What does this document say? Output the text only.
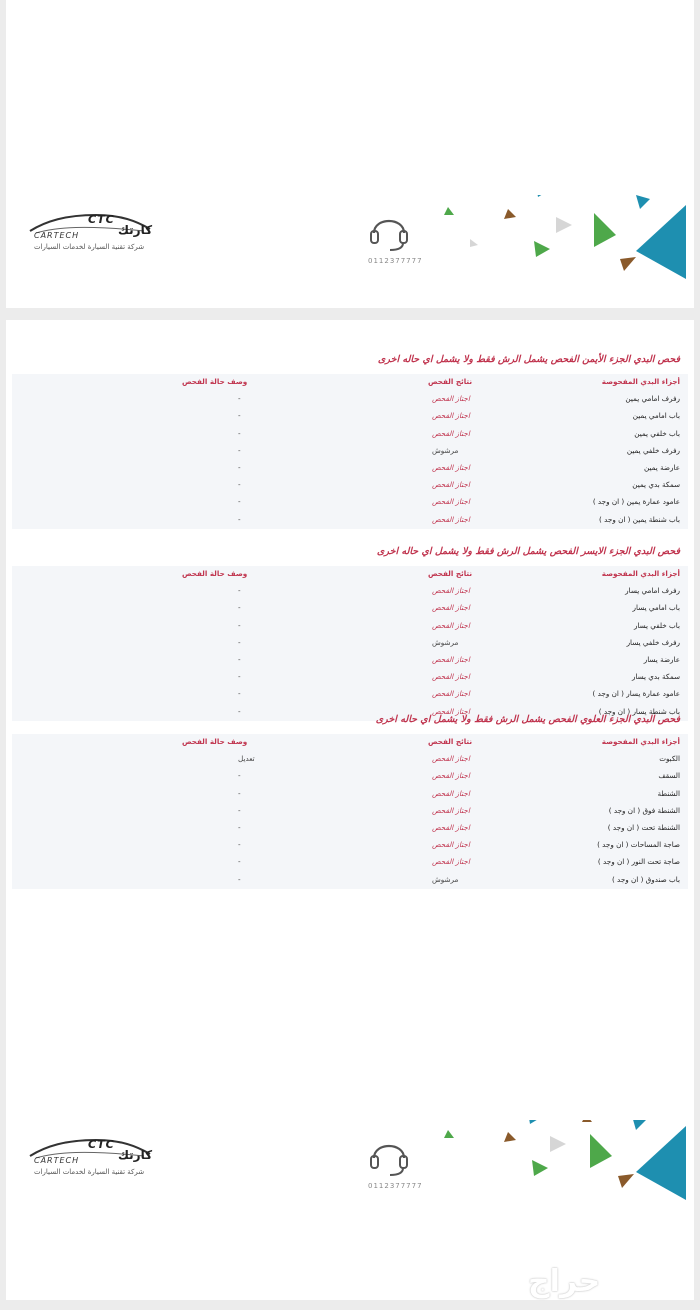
CTC
كارتك
CARTECH
شركة تقنية السيارة لخدمات السيارات
0112377777
فحص البدي الجزء الأيمن الفحص يشمل الرش فقط ولا يشمل اي حاله اخرى
أجزاء البدي المفحوصة
نتائج الفحص
وصف حالة الفحص
رفرف امامي يمين
اجتاز الفحص
-
باب امامي يمين
اجتاز الفحص
-
باب خلفي يمين
اجتاز الفحص
-
رفرف خلفي يمين
مرشوش
-
عارضة يمين
اجتاز الفحص
-
سمكة بدي يمين
اجتاز الفحص
-
عامود عمارة يمين ( ان وجد )
اجتاز الفحص
-
باب شنطة يمين ( ان وجد )
اجتاز الفحص
-
فحص البدي الجزء الايسر الفحص يشمل الرش فقط ولا يشمل اي حاله اخرى
أجزاء البدي المفحوصة
نتائج الفحص
وصف حالة الفحص
رفرف امامي يسار
اجتاز الفحص
-
باب امامي يسار
اجتاز الفحص
-
باب خلفي يسار
اجتاز الفحص
-
رفرف خلفي يسار
مرشوش
-
عارضة يسار
اجتاز الفحص
-
سمكة بدي يسار
اجتاز الفحص
-
عامود عمارة يسار ( ان وجد )
اجتاز الفحص
-
باب شنطة يسار ( ان وجد )
اجتاز الفحص
-
فحص البدي الجزء العلوي الفحص يشمل الرش فقط ولا يشمل اي حاله اخرى
أجزاء البدي المفحوصة
نتائج الفحص
وصف حالة الفحص
الكبوت
اجتاز الفحص
تعديل
السقف
اجتاز الفحص
-
الشنطة
اجتاز الفحص
-
الشنطة فوق ( ان وجد )
اجتاز الفحص
-
الشنطة تحت ( ان وجد )
اجتاز الفحص
-
صاجة المساحات ( ان وجد )
اجتاز الفحص
-
صاجة تحت النور ( ان وجد )
اجتاز الفحص
-
باب صندوق ( ان وجد )
مرشوش
-
CTC
كارتك
CARTECH
شركة تقنية السيارة لخدمات السيارات
0112377777
حراج
